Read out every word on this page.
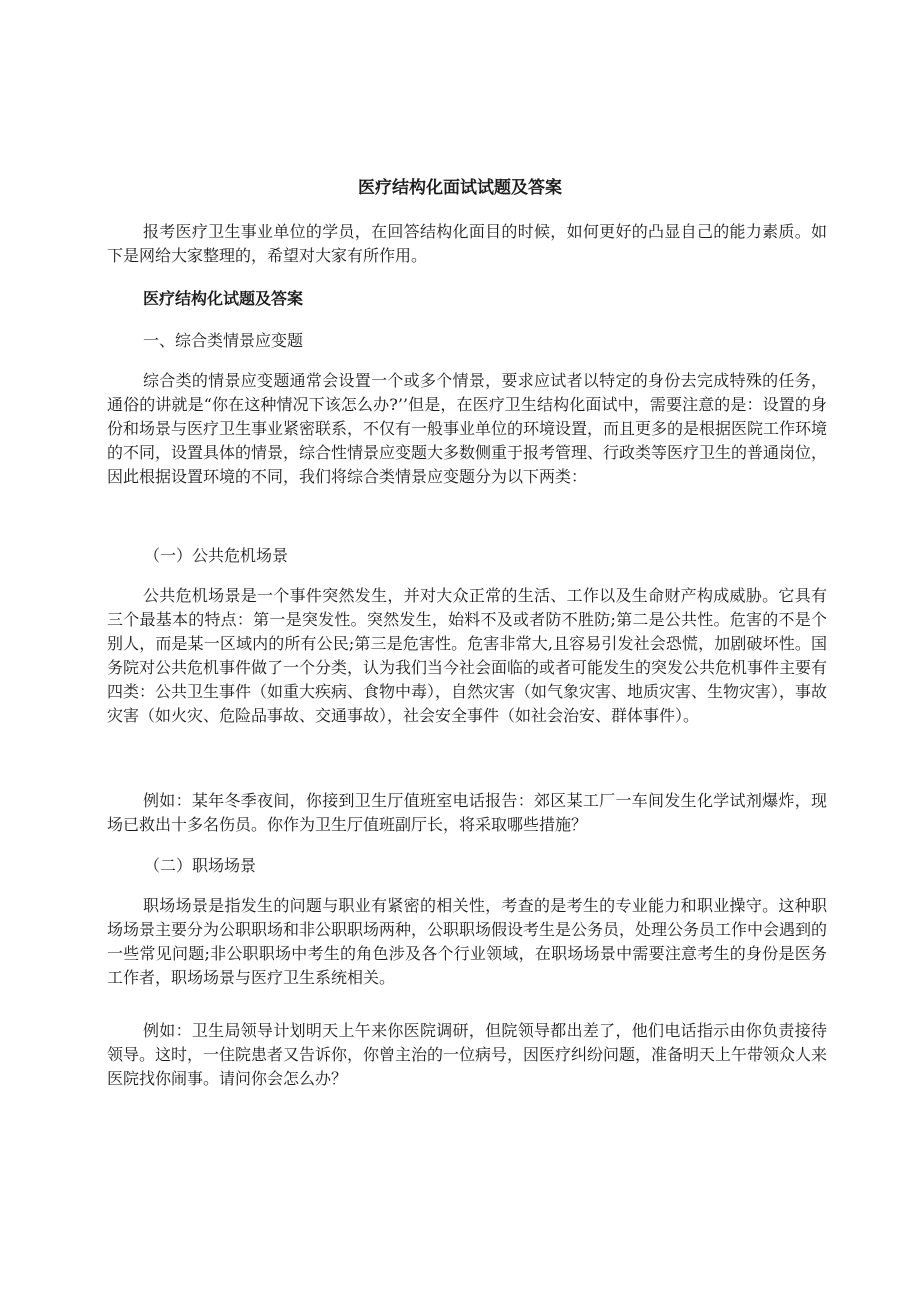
医疗结构化面试试题及答案

报考医疗卫生事业单位的学员，在回答结构化面目的时候，如何更好的凸显自己的能力素质。如下是网给大家整理的，希望对大家有所作用。

医疗结构化试题及答案

一、综合类情景应变题

综合类的情景应变题通常会设置一个或多个情景，要求应试者以特定的身份去完成特殊的任务，通俗的讲就是“你在这种情况下该怎么办?’’但是，在医疗卫生结构化面试中，需要注意的是：设置的身份和场景与医疗卫生事业紧密联系，不仅有一般事业单位的环境设置，而且更多的是根据医院工作环境的不同，设置具体的情景，综合性情景应变题大多数侧重于报考管理、行政类等医疗卫生的普通岗位，因此根据设置环境的不同，我们将综合类情景应变题分为以下两类：

（一）公共危机场景

公共危机场景是一个事件突然发生，并对大众正常的生活、工作以及生命财产构成威胁。它具有三个最基本的特点：第一是突发性。突然发生，始料不及或者防不胜防;第二是公共性。危害的不是个别人，而是某一区域内的所有公民;第三是危害性。危害非常大,且容易引发社会恐慌，加剧破坏性。国务院对公共危机事件做了一个分类，认为我们当今社会面临的或者可能发生的突发公共危机事件主要有四类：公共卫生事件（如重大疾病、食物中毒），自然灾害（如气象灾害、地质灾害、生物灾害），事故灾害（如火灾、危险品事故、交通事故），社会安全事件（如社会治安、群体事件）。

例如：某年冬季夜间，你接到卫生厅值班室电话报告：郊区某工厂一车间发生化学试剂爆炸，现场已救出十多名伤员。你作为卫生厅值班副厅长，将采取哪些措施？

（二）职场场景

职场场景是指发生的问题与职业有紧密的相关性，考查的是考生的专业能力和职业操守。这种职场场景主要分为公职职场和非公职职场两种，公职职场假设考生是公务员，处理公务员工作中会遇到的一些常见问题;非公职职场中考生的角色涉及各个行业领域，在职场场景中需要注意考生的身份是医务工作者，职场场景与医疗卫生系统相关。

例如：卫生局领导计划明天上午来你医院调研，但院领导都出差了，他们电话指示由你负责接待领导。这时，一住院患者又告诉你，你曾主治的一位病号，因医疗纠纷问题，准备明天上午带领众人来医院找你闹事。请问你会怎么办？
